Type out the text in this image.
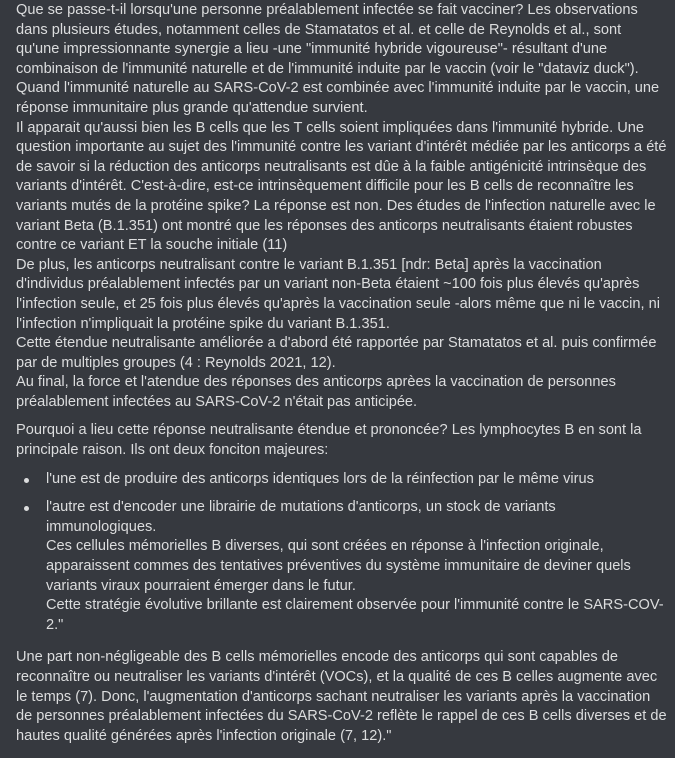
Que se passe-t-il lorsqu'une personne préalablement infectée se fait vacciner? Les observations dans plusieurs études, notamment celles de Stamatatos et al. et celle de Reynolds et al., sont qu'une impressionnante synergie a lieu -une "immunité hybride vigoureuse"- résultant d'une combinaison de l'immunité naturelle et de l'immunité induite par le vaccin (voir le "dataviz duck").

Quand l'immunité naturelle au SARS-CoV-2 est combinée avec l'immunité induite par le vaccin, une réponse immunitaire plus grande qu'attendue survient.

Il apparait qu'aussi bien les B cells que les T cells soient impliquées dans l'immunité hybride. Une question importante au sujet des l'immunité contre les variant d'intérêt médiée par les anticorps a été de savoir si la réduction des anticorps neutralisants est dûe à la faible antigénicité intrinsèque des variants d'intérêt. C'est-à-dire, est-ce intrinsèquement difficile pour les B cells de reconnaître les variants mutés de la protéine spike? La réponse est non. Des études de l'infection naturelle avec le variant Beta (B.1.351) ont montré que les réponses des anticorps neutralisants étaient robustes contre ce variant ET la souche initiale (11)

De plus, les anticorps neutralisant contre le variant B.1.351 [ndr: Beta] après la vaccination d'individus préalablement infectés par un variant non-Beta étaient ~100 fois plus élevés qu'après l'infection seule, et 25 fois plus élevés qu'après la vaccination seule -alors même que ni le vaccin, ni l'infection n'impliquait la protéine spike du variant B.1.351.

Cette étendue neutralisante améliorée a d'abord été rapportée par Stamatatos et al. puis confirmée par de multiples groupes (4 : Reynolds 2021, 12).

Au final, la force et l'atendue des réponses des anticorps aprèes la vaccination de personnes préalablement infectées au SARS-CoV-2 n'était pas anticipée.

Pourquoi a lieu cette réponse neutralisante étendue et prononcée? Les lymphocytes B en sont la principale raison. Ils ont deux fonciton majeures:

l'une est de produire des anticorps identiques lors de la réinfection par le même virus

l'autre est d'encoder une librairie de mutations d'anticorps, un stock de variants immunologiques.

Ces cellules mémorielles B diverses, qui sont créées en réponse à l'infection originale, apparaissent commes des tentatives préventives du système immunitaire de deviner quels variants viraux pourraient émerger dans le futur.

Cette stratégie évolutive brillante est clairement observée pour l'immunité contre le SARS-COV-2."

Une part non-négligeable des B cells mémorielles encode des anticorps qui sont capables de reconnaître ou neutraliser les variants d'intérêt (VOCs), et la qualité de ces B celles augmente avec le temps (7). Donc, l'augmentation d'anticorps sachant neutraliser les variants après la vaccination de personnes préalablement infectées du SARS-CoV-2 reflète le rappel de ces B cells diverses et de hautes qualité générées après l'infection originale (7, 12)."
